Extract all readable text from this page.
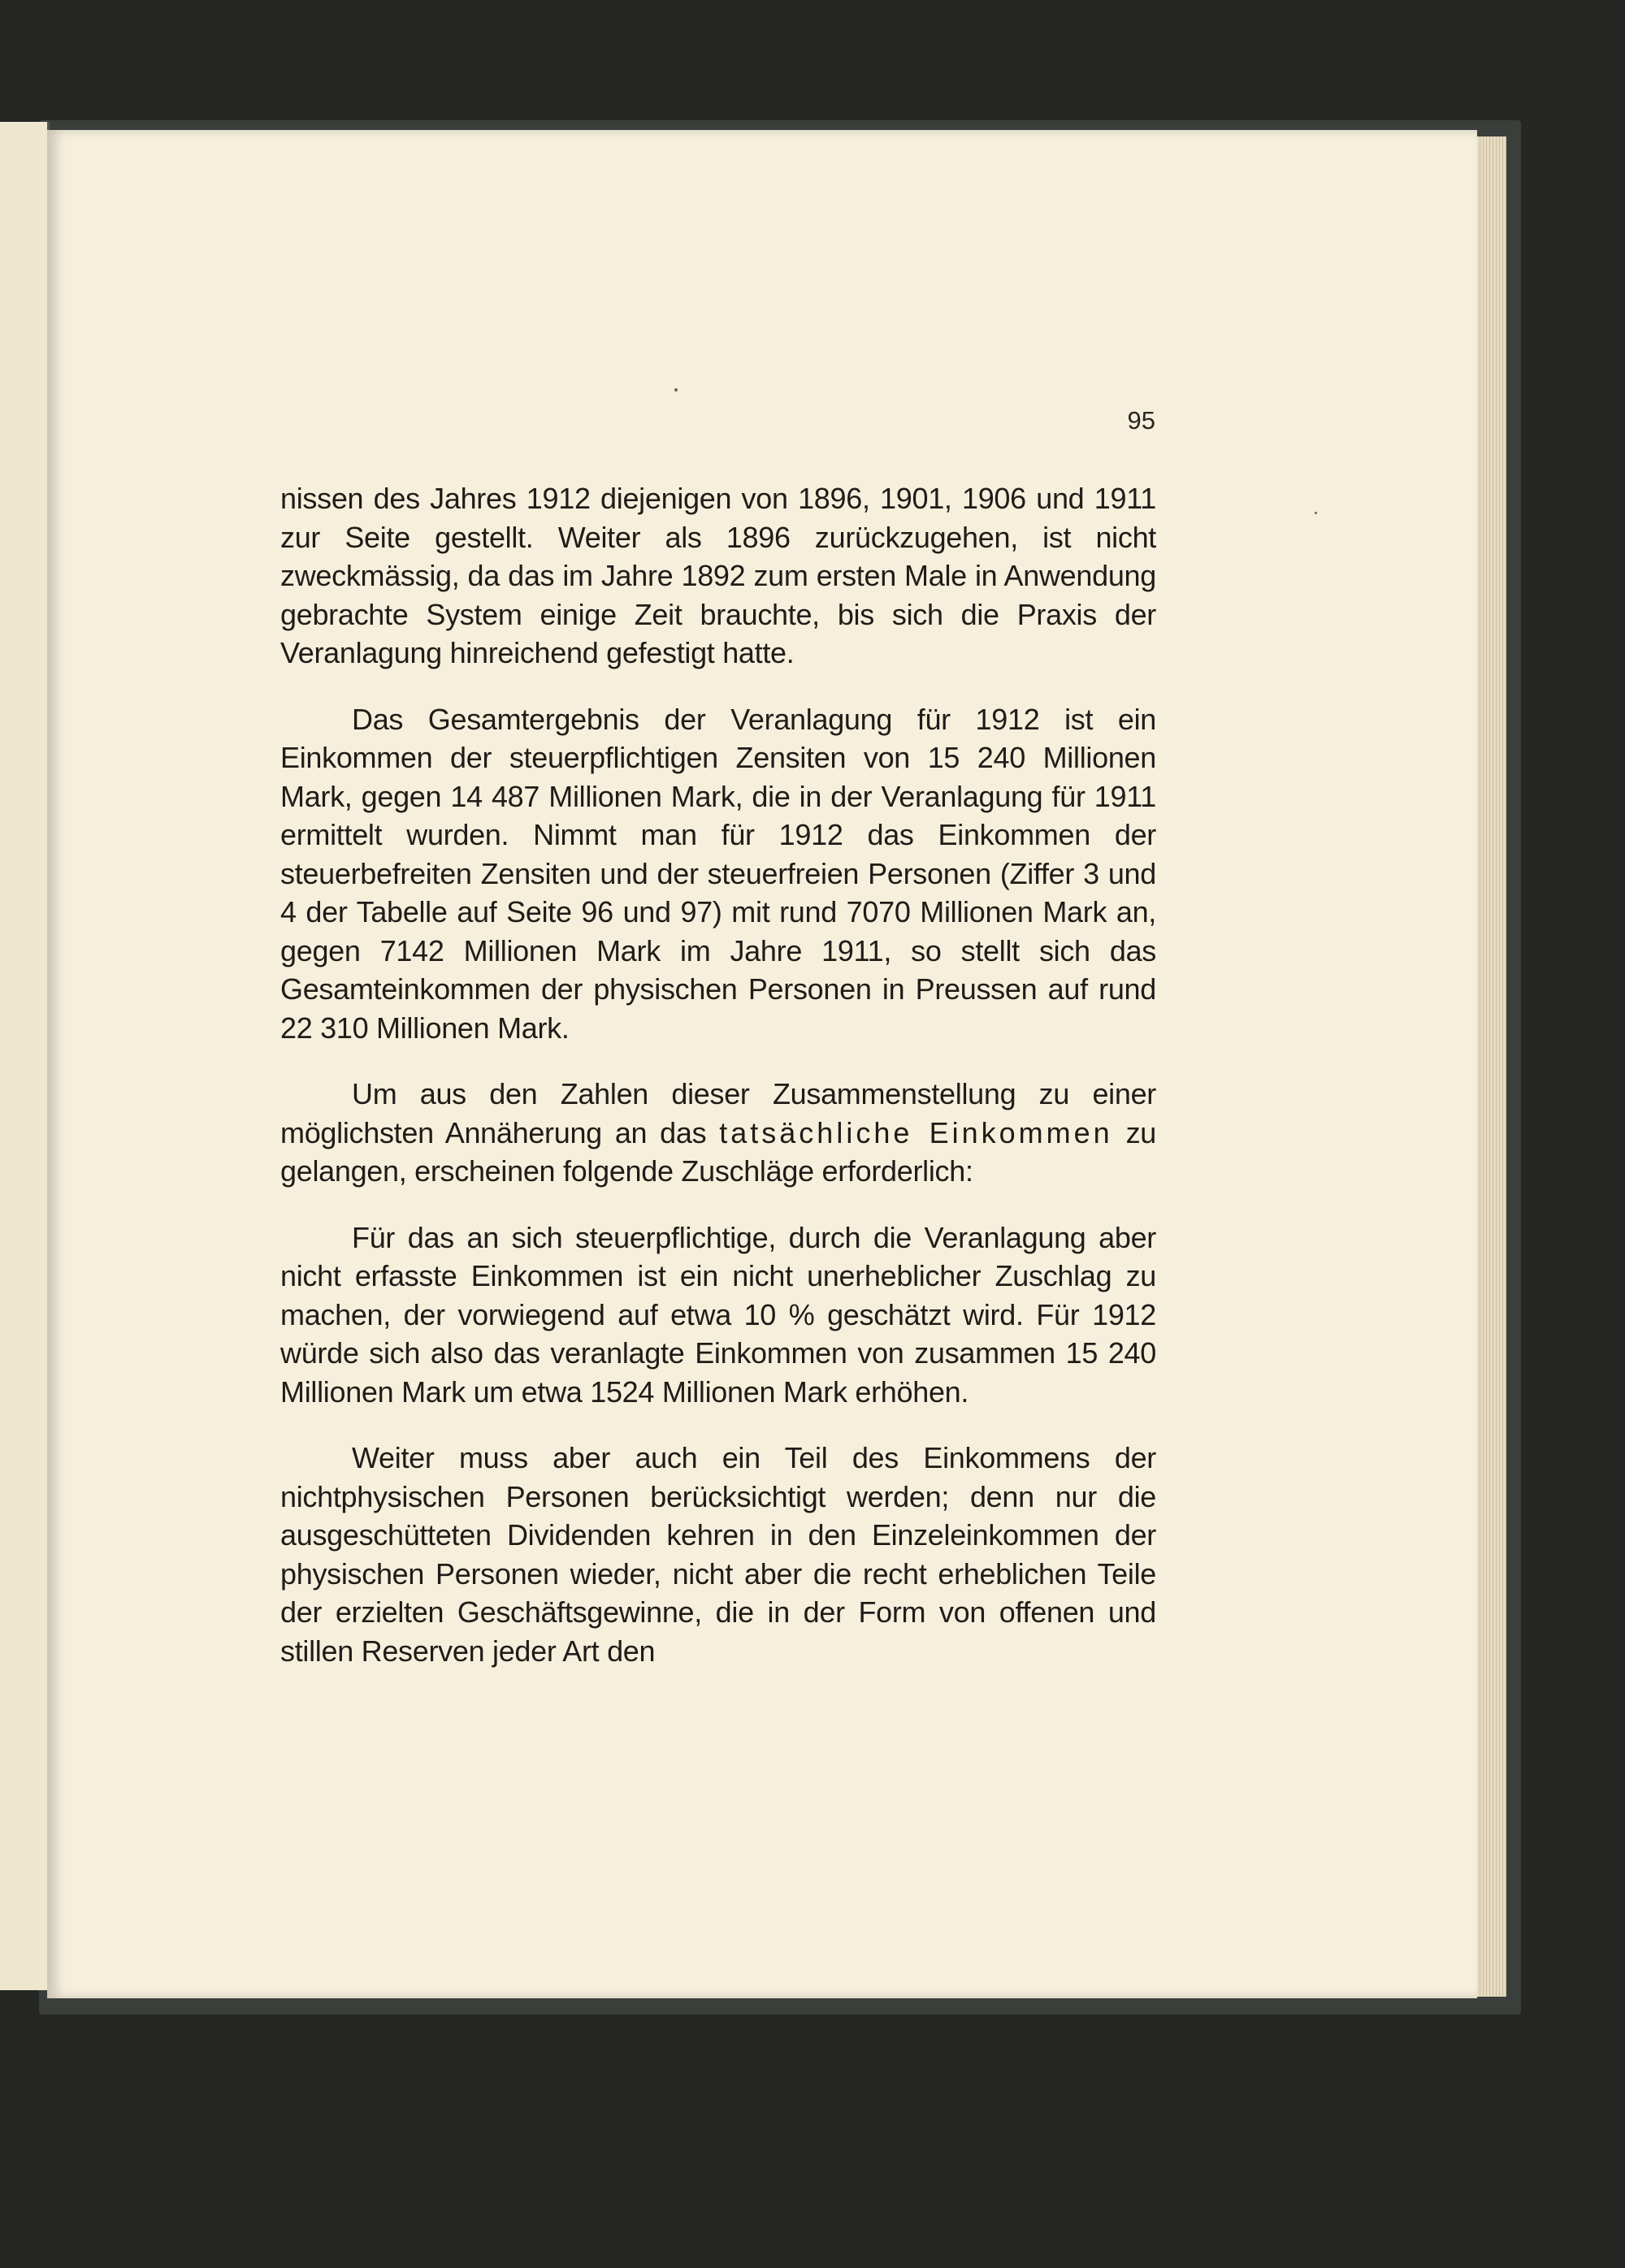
95

nissen des Jahres 1912 diejenigen von 1896, 1901, 1906 und 1911 zur Seite gestellt. Weiter als 1896 zurückzugehen, ist nicht zweckmässig, da das im Jahre 1892 zum ersten Male in Anwendung gebrachte System einige Zeit brauchte, bis sich die Praxis der Veranlagung hinreichend gefestigt hatte.

Das Gesamtergebnis der Veranlagung für 1912 ist ein Einkommen der steuerpflichtigen Zensiten von 15 240 Millionen Mark, gegen 14 487 Millionen Mark, die in der Veranlagung für 1911 ermittelt wurden. Nimmt man für 1912 das Einkommen der steuerbefreiten Zensiten und der steuerfreien Personen (Ziffer 3 und 4 der Tabelle auf Seite 96 und 97) mit rund 7070 Millionen Mark an, gegen 7142 Millionen Mark im Jahre 1911, so stellt sich das Gesamteinkommen der physischen Personen in Preussen auf rund 22 310 Millionen Mark.

Um aus den Zahlen dieser Zusammenstellung zu einer möglichsten Annäherung an das tatsächliche Einkommen zu gelangen, erscheinen folgende Zuschläge erforderlich:

Für das an sich steuerpflichtige, durch die Veranlagung aber nicht erfasste Einkommen ist ein nicht unerheblicher Zuschlag zu machen, der vorwiegend auf etwa 10 % geschätzt wird. Für 1912 würde sich also das veranlagte Einkommen von zusammen 15 240 Millionen Mark um etwa 1524 Millionen Mark erhöhen.

Weiter muss aber auch ein Teil des Einkommens der nichtphysischen Personen berücksichtigt werden; denn nur die ausgeschütteten Dividenden kehren in den Einzeleinkommen der physischen Personen wieder, nicht aber die recht erheblichen Teile der erzielten Geschäftsgewinne, die in der Form von offenen und stillen Reserven jeder Art den
